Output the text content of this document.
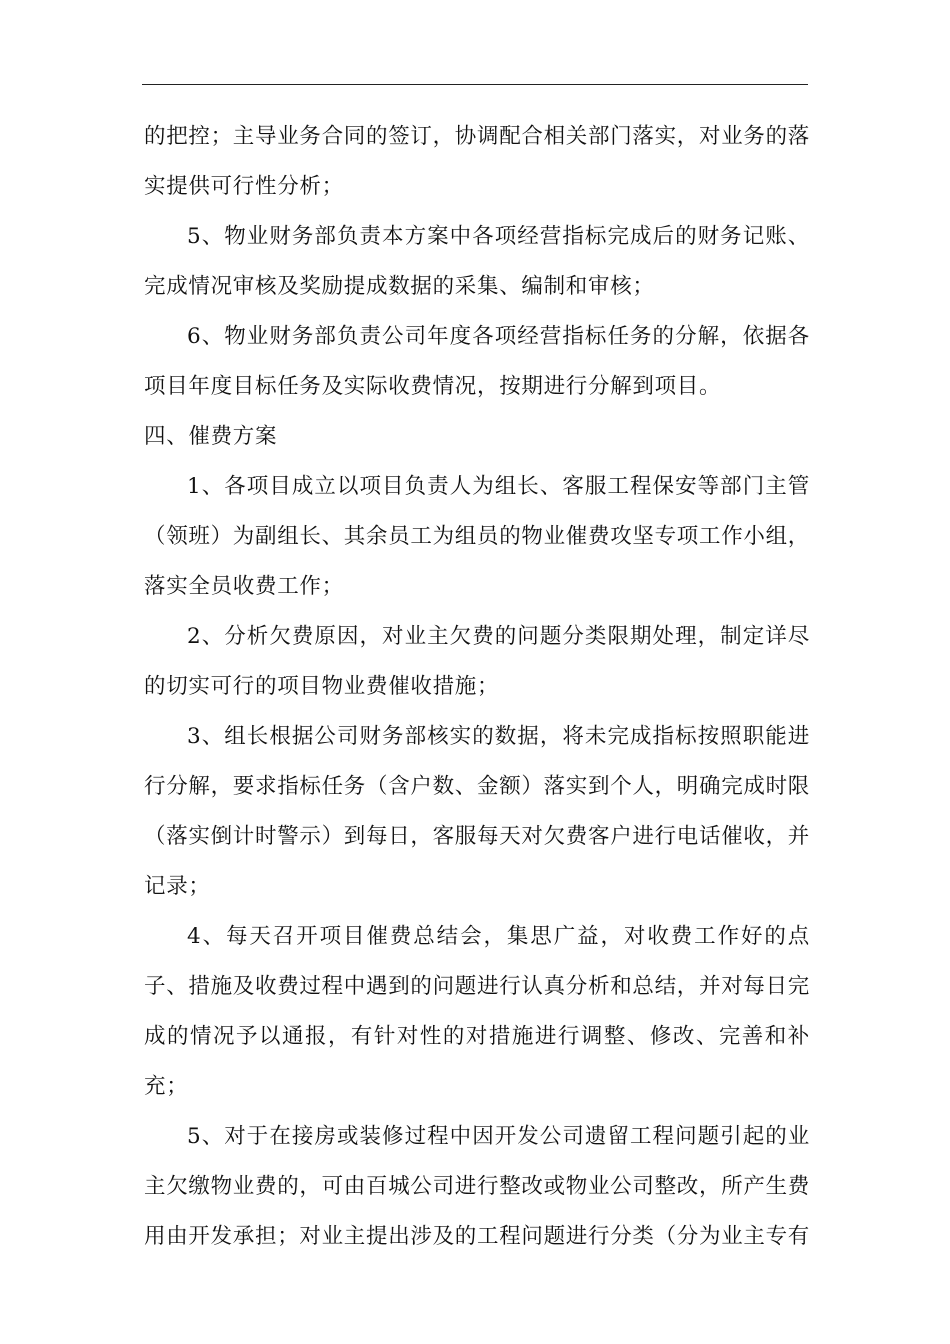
的把控；主导业务合同的签订，协调配合相关部门落实，对业务的落实提供可行性分析；

5、物业财务部负责本方案中各项经营指标完成后的财务记账、完成情况审核及奖励提成数据的采集、编制和审核；

6、物业财务部负责公司年度各项经营指标任务的分解，依据各项目年度目标任务及实际收费情况，按期进行分解到项目。

四、催费方案

1、各项目成立以项目负责人为组长、客服工程保安等部门主管（领班）为副组长、其余员工为组员的物业催费攻坚专项工作小组，落实全员收费工作；

2、分析欠费原因，对业主欠费的问题分类限期处理，制定详尽的切实可行的项目物业费催收措施；

3、组长根据公司财务部核实的数据，将未完成指标按照职能进行分解，要求指标任务（含户数、金额）落实到个人，明确完成时限（落实倒计时警示）到每日，客服每天对欠费客户进行电话催收，并记录；

4、每天召开项目催费总结会，集思广益，对收费工作好的点子、措施及收费过程中遇到的问题进行认真分析和总结，并对每日完成的情况予以通报，有针对性的对措施进行调整、修改、完善和补充；

5、对于在接房或装修过程中因开发公司遗留工程问题引起的业主欠缴物业费的，可由百城公司进行整改或物业公司整改，所产生费用由开发承担；对业主提出涉及的工程问题进行分类（分为业主专有
